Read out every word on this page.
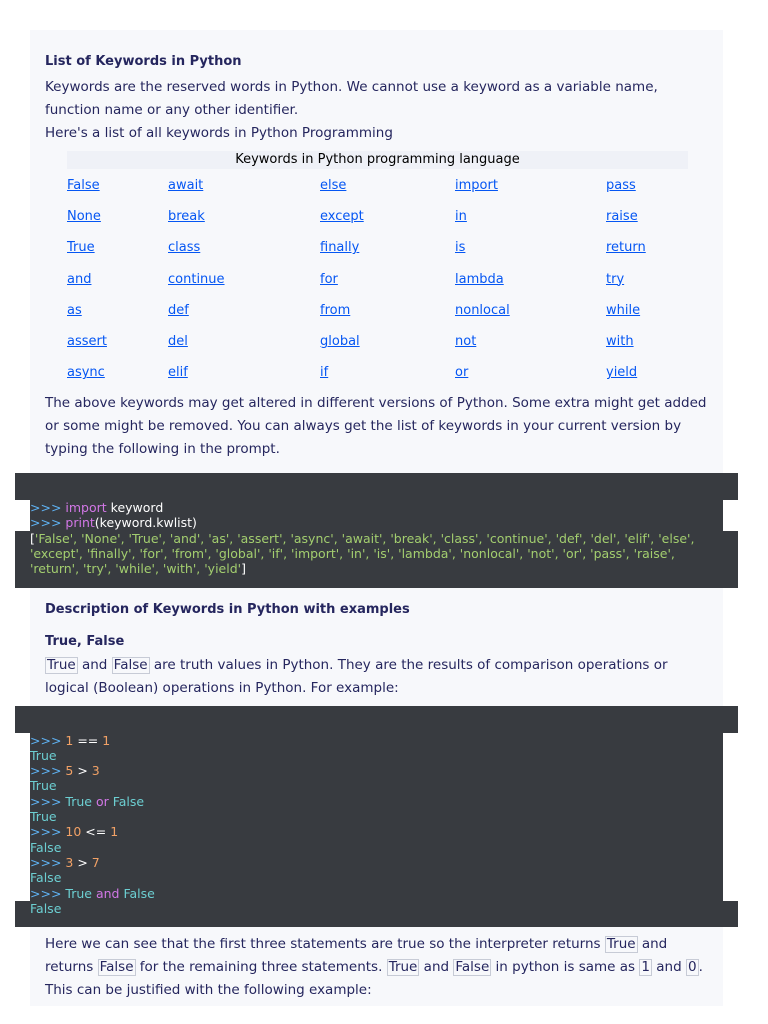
List of Keywords in Python

Keywords are the reserved words in Python. We cannot use a keyword as a variable name, function name or any other identifier.

Here's a list of all keywords in Python Programming

Keywords in Python programming language
False	await	else	import	pass
None	break	except	in	raise
True	class	finally	is	return
and	continue	for	lambda	try
as	def	from	nonlocal	while
assert	del	global	not	with
async	elif	if	or	yield

The above keywords may get altered in different versions of Python. Some extra might get added or some might be removed. You can always get the list of keywords in your current version by typing the following in the prompt.

>>> import keyword
>>> print(keyword.kwlist)
['False', 'None', 'True', 'and', 'as', 'assert', 'async', 'await', 'break', 'class', 'continue', 'def', 'del', 'elif', 'else', 'except', 'finally', 'for', 'from', 'global', 'if', 'import', 'in', 'is', 'lambda', 'nonlocal', 'not', 'or', 'pass', 'raise', 'return', 'try', 'while', 'with', 'yield']
Description of Keywords in Python with examples
True, False

True and False are truth values in Python. They are the results of comparison operations or logical (Boolean) operations in Python. For example:

>>> 1 == 1
True
>>> 5 > 3
True
>>> True or False
True
>>> 10 <= 1
False
>>> 3 > 7
False
>>> True and False
False

Here we can see that the first three statements are true so the interpreter returns True and returns False for the remaining three statements. True and False in python is same as 1 and 0 . This can be justified with the following example:
